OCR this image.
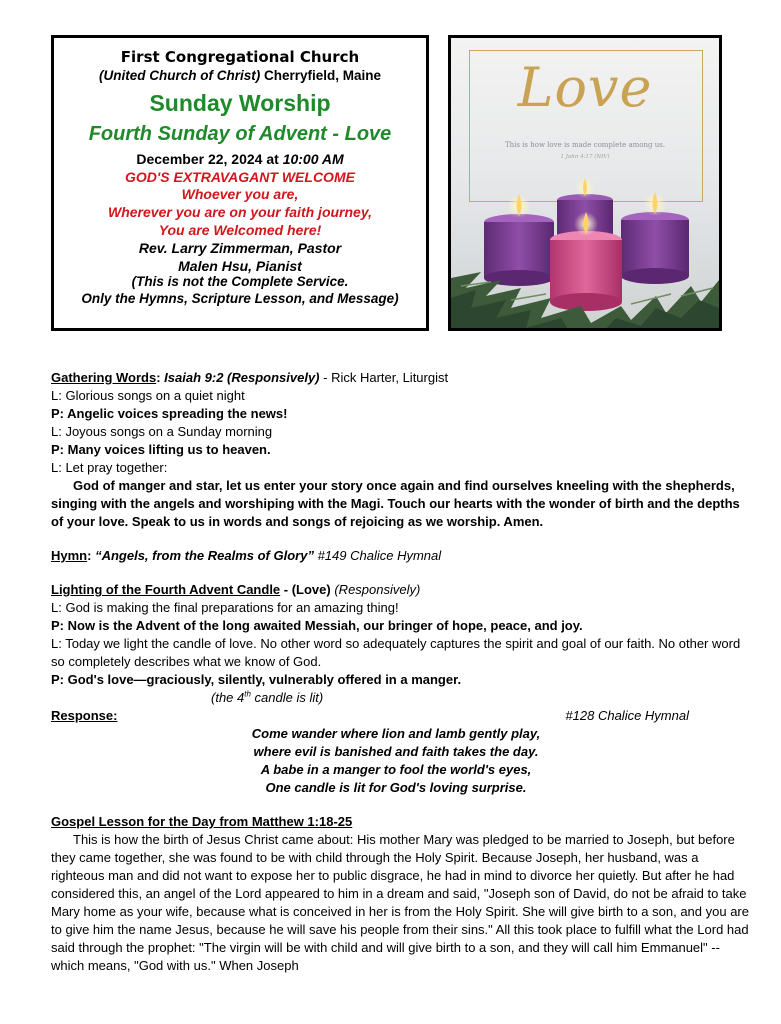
First Congregational Church
(United Church of Christ) Cherryfield, Maine
Sunday Worship
Fourth Sunday of Advent - Love
December 22, 2024 at 10:00 AM
GOD'S EXTRAVAGANT WELCOME
Whoever you are,
Wherever you are on your faith journey,
You are Welcomed here!
Rev. Larry Zimmerman, Pastor
Malen Hsu, Pianist
(This is not the Complete Service.
Only the Hymns, Scripture Lesson, and Message)
Love
This is how love is made complete among us.
1 John 4:17 (NIV)

Gathering Words: Isaiah 9:2 (Responsively) - Rick Harter, Liturgist

L: Glorious songs on a quiet night

P: Angelic voices spreading the news!

L: Joyous songs on a Sunday morning

P: Many voices lifting us to heaven.

L: Let pray together:

God of manger and star, let us enter your story once again and find ourselves kneeling with the shepherds, singing with the angels and worshiping with the Magi. Touch our hearts with the wonder of birth and the depths of your love. Speak to us in words and songs of rejoicing as we worship. Amen.

Hymn: “Angels, from the Realms of Glory” #149 Chalice Hymnal

Lighting of the Fourth Advent Candle - (Love) (Responsively)

L: God is making the final preparations for an amazing thing!

P: Now is the Advent of the long awaited Messiah, our bringer of hope, peace, and joy.

L: Today we light the candle of love. No other word so adequately captures the spirit and goal of our faith. No other word so completely describes what we know of God.

P: God's love—graciously, silently, vulnerably offered in a manger.

(the 4th candle is lit)

Response:	#128 Chalice Hymnal

Come wander where lion and lamb gently play,

where evil is banished and faith takes the day.

A babe in a manger to fool the world's eyes,

One candle is lit for God's loving surprise.

Gospel Lesson for the Day from Matthew 1:18-25

This is how the birth of Jesus Christ came about: His mother Mary was pledged to be married to Joseph, but before they came together, she was found to be with child through the Holy Spirit. Because Joseph, her husband, was a righteous man and did not want to expose her to public disgrace, he had in mind to divorce her quietly. But after he had considered this, an angel of the Lord appeared to him in a dream and said, "Joseph son of David, do not be afraid to take Mary home as your wife, because what is conceived in her is from the Holy Spirit. She will give birth to a son, and you are to give him the name Jesus, because he will save his people from their sins." All this took place to fulfill what the Lord had said through the prophet: "The virgin will be with child and will give birth to a son, and they will call him Emmanuel" --which means, "God with us." When Joseph
